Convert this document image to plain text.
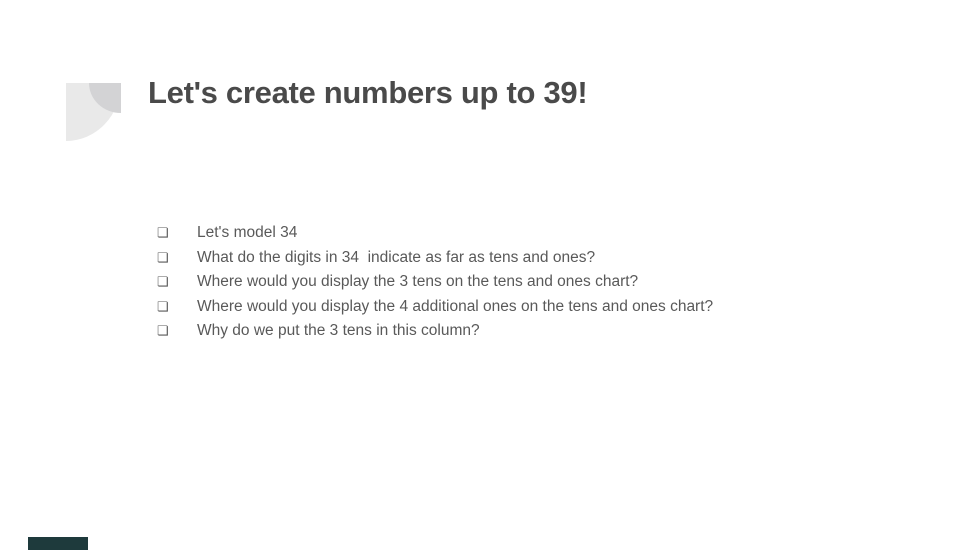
Let's create numbers up to 39!
❏	Let's model 34
❏	What do the digits in 34  indicate as far as tens and ones?
❏	Where would you display the 3 tens on the tens and ones chart?
❏	Where would you display the 4 additional ones on the tens and ones chart?
❏	Why do we put the 3 tens in this column?
